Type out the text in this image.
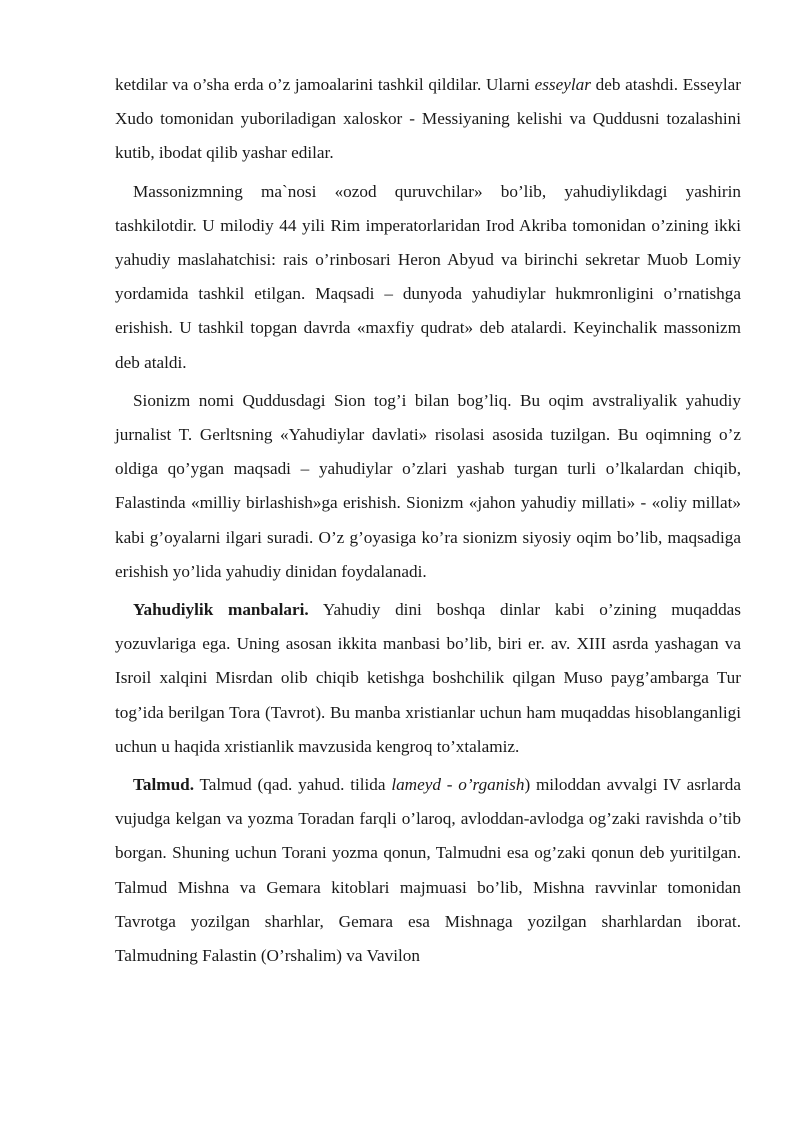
ketdilar va o’sha erda o’z jamoalarini tashkil qildilar. Ularni esseylar deb atashdi. Esseylar Xudo tomonidan yuboriladigan xaloskor - Messiyaning kelishi va Quddusni tozalashini kutib, ibodat qilib yashar edilar.

Massonizmning ma`nosi «ozod quruvchilar» bo’lib, yahudiylikdagi yashirin tashkilotdir. U milodiy 44 yili Rim imperatorlaridan Irod Akriba tomonidan o’zining ikki yahudiy maslahatchisi: rais o’rinbosari Heron Abyud va birinchi sekretar Muob Lomiy yordamida tashkil etilgan. Maqsadi – dunyoda yahudiylar hukmronligini o’rnatishga erishish. U tashkil topgan davrda «maxfiy qudrat» deb atalardi. Keyinchalik massonizm deb ataldi.

Sionizm nomi Quddusdagi Sion tog’i bilan bog’liq. Bu oqim avstraliyalik yahudiy jurnalist T. Gerltsning «Yahudiylar davlati» risolasi asosida tuzilgan. Bu oqimning o’z oldiga qo’ygan maqsadi – yahudiylar o’zlari yashab turgan turli o’lkalardan chiqib, Falastinda «milliy birlashish»ga erishish. Sionizm «jahon yahudiy millati» - «oliy millat» kabi g’oyalarni ilgari suradi. O’z g’oyasiga ko’ra sionizm siyosiy oqim bo’lib, maqsadiga erishish yo’lida yahudiy dinidan foydalanadi.

Yahudiylik manbalari. Yahudiy dini boshqa dinlar kabi o’zining muqaddas yozuvlariga ega. Uning asosan ikkita manbasi bo’lib, biri er. av. XIII asrda yashagan va Isroil xalqini Misrdan olib chiqib ketishga boshchilik qilgan Muso payg’ambarga Tur tog’ida berilgan Tora (Tavrot). Bu manba xristianlar uchun ham muqaddas hisoblanganligi uchun u haqida xristianlik mavzusida kengroq to’xtalamiz.

Talmud. Talmud (qad. yahud. tilida lameyd - o’rganish) miloddan avvalgi IV asrlarda vujudga kelgan va yozma Toradan farqli o’laroq, avloddan-avlodga og’zaki ravishda o’tib borgan. Shuning uchun Torani yozma qonun, Talmudni esa og’zaki qonun deb yuritilgan. Talmud Mishna va Gemara kitoblari majmuasi bo’lib, Mishna ravvinlar tomonidan Tavrotga yozilgan sharhlar, Gemara esa Mishnaga yozilgan sharhlardan iborat. Talmudning Falastin (O’rshalim) va Vavilon
